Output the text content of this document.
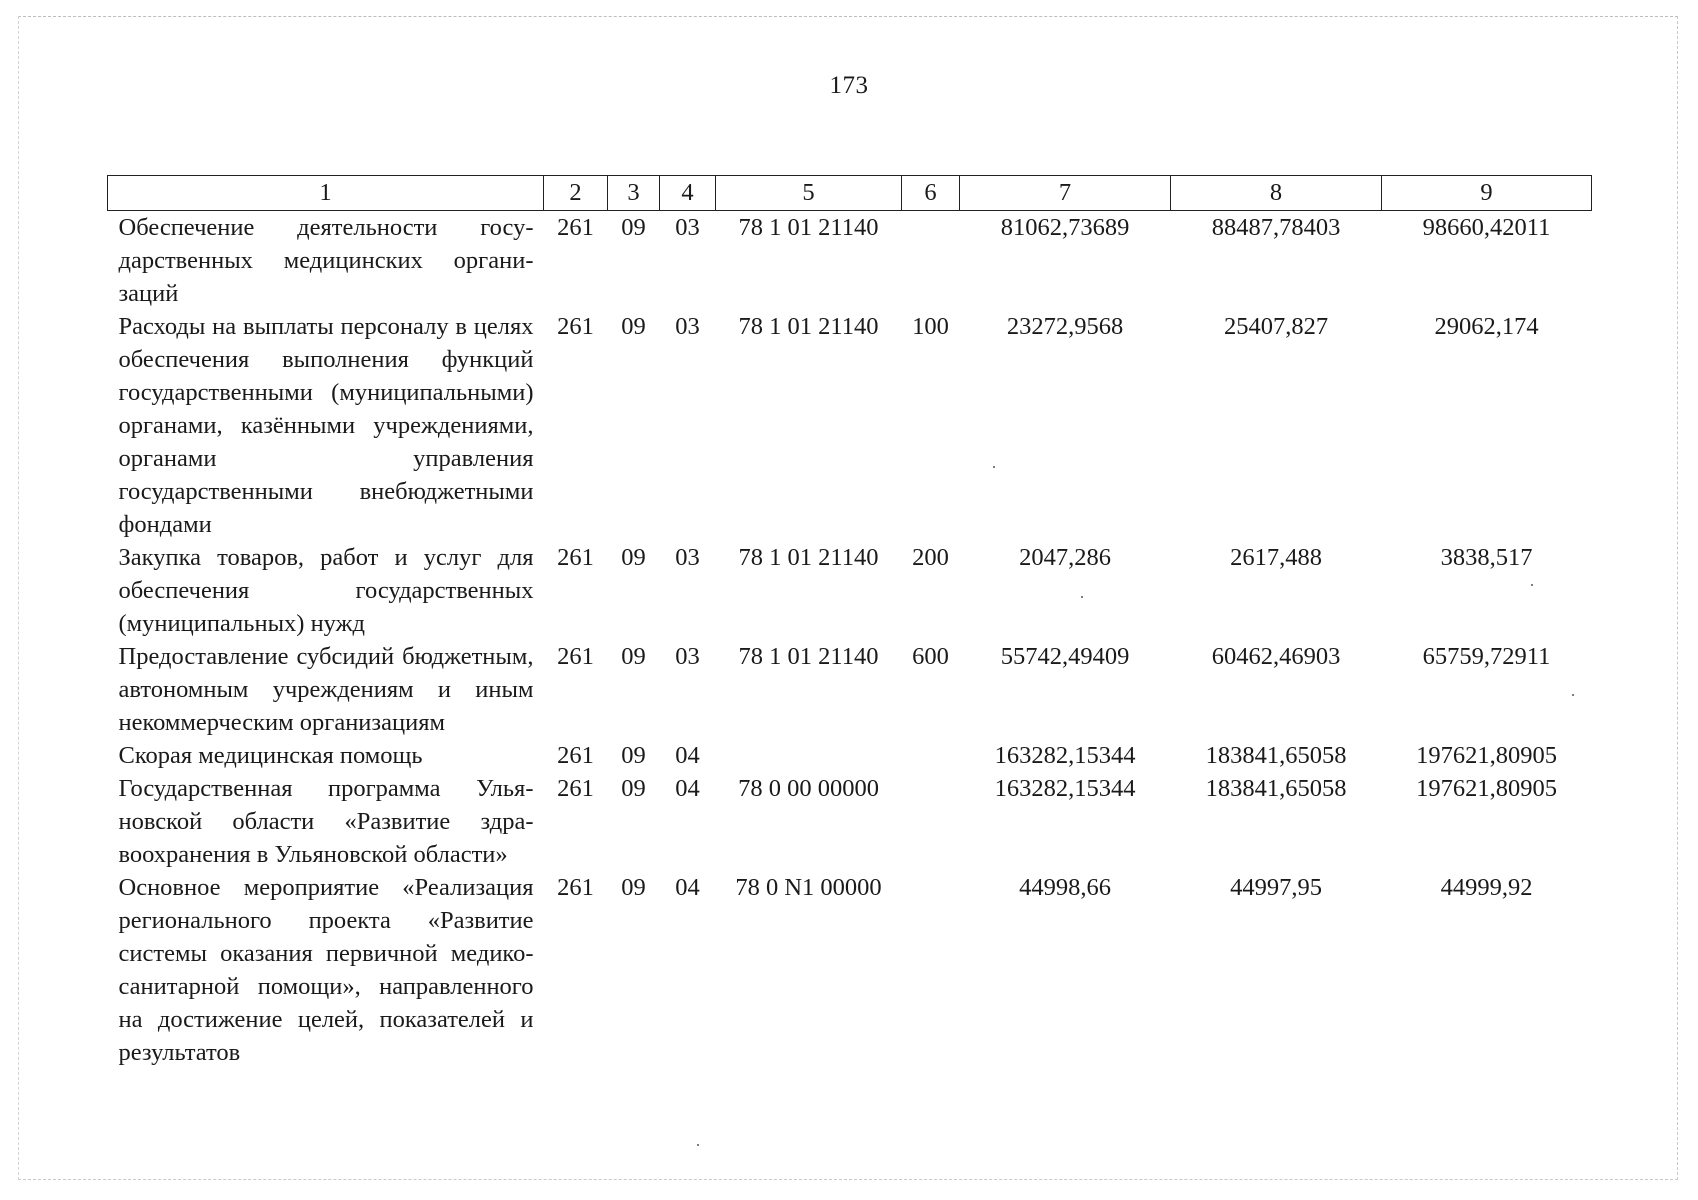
173
1	2	3	4	5	6	7	8	9
Обеспечение деятельности государственных медицинских организаций	261	09	03	78 1 01 21140		81062,73689	88487,78403	98660,42011
Расходы на выплаты персоналу в целях обеспечения выполнения функций государственными (муниципальными) органами, казёнными учреждениями, органами управления государственными внебюджетными фондами	261	09	03	78 1 01 21140	100	23272,9568	25407,827	29062,174
Закупка товаров, работ и услуг для обеспечения государственных (муниципальных) нужд	261	09	03	78 1 01 21140	200	2047,286	2617,488	3838,517
Предоставление субсидий бюджетным, автономным учреждениям и иным некоммерческим организациям	261	09	03	78 1 01 21140	600	55742,49409	60462,46903	65759,72911
Скорая медицинская помощь	261	09	04			163282,15344	183841,65058	197621,80905
Государственная программа Ульяновской области «Развитие здравоохранения в Ульяновской области»	261	09	04	78 0 00 00000		163282,15344	183841,65058	197621,80905
Основное мероприятие «Реализация регионального проекта «Развитие системы оказания первичной медико-санитарной помощи», направленного на достижение целей, показателей и результатов	261	09	04	78 0 N1 00000		44998,66	44997,95	44999,92
